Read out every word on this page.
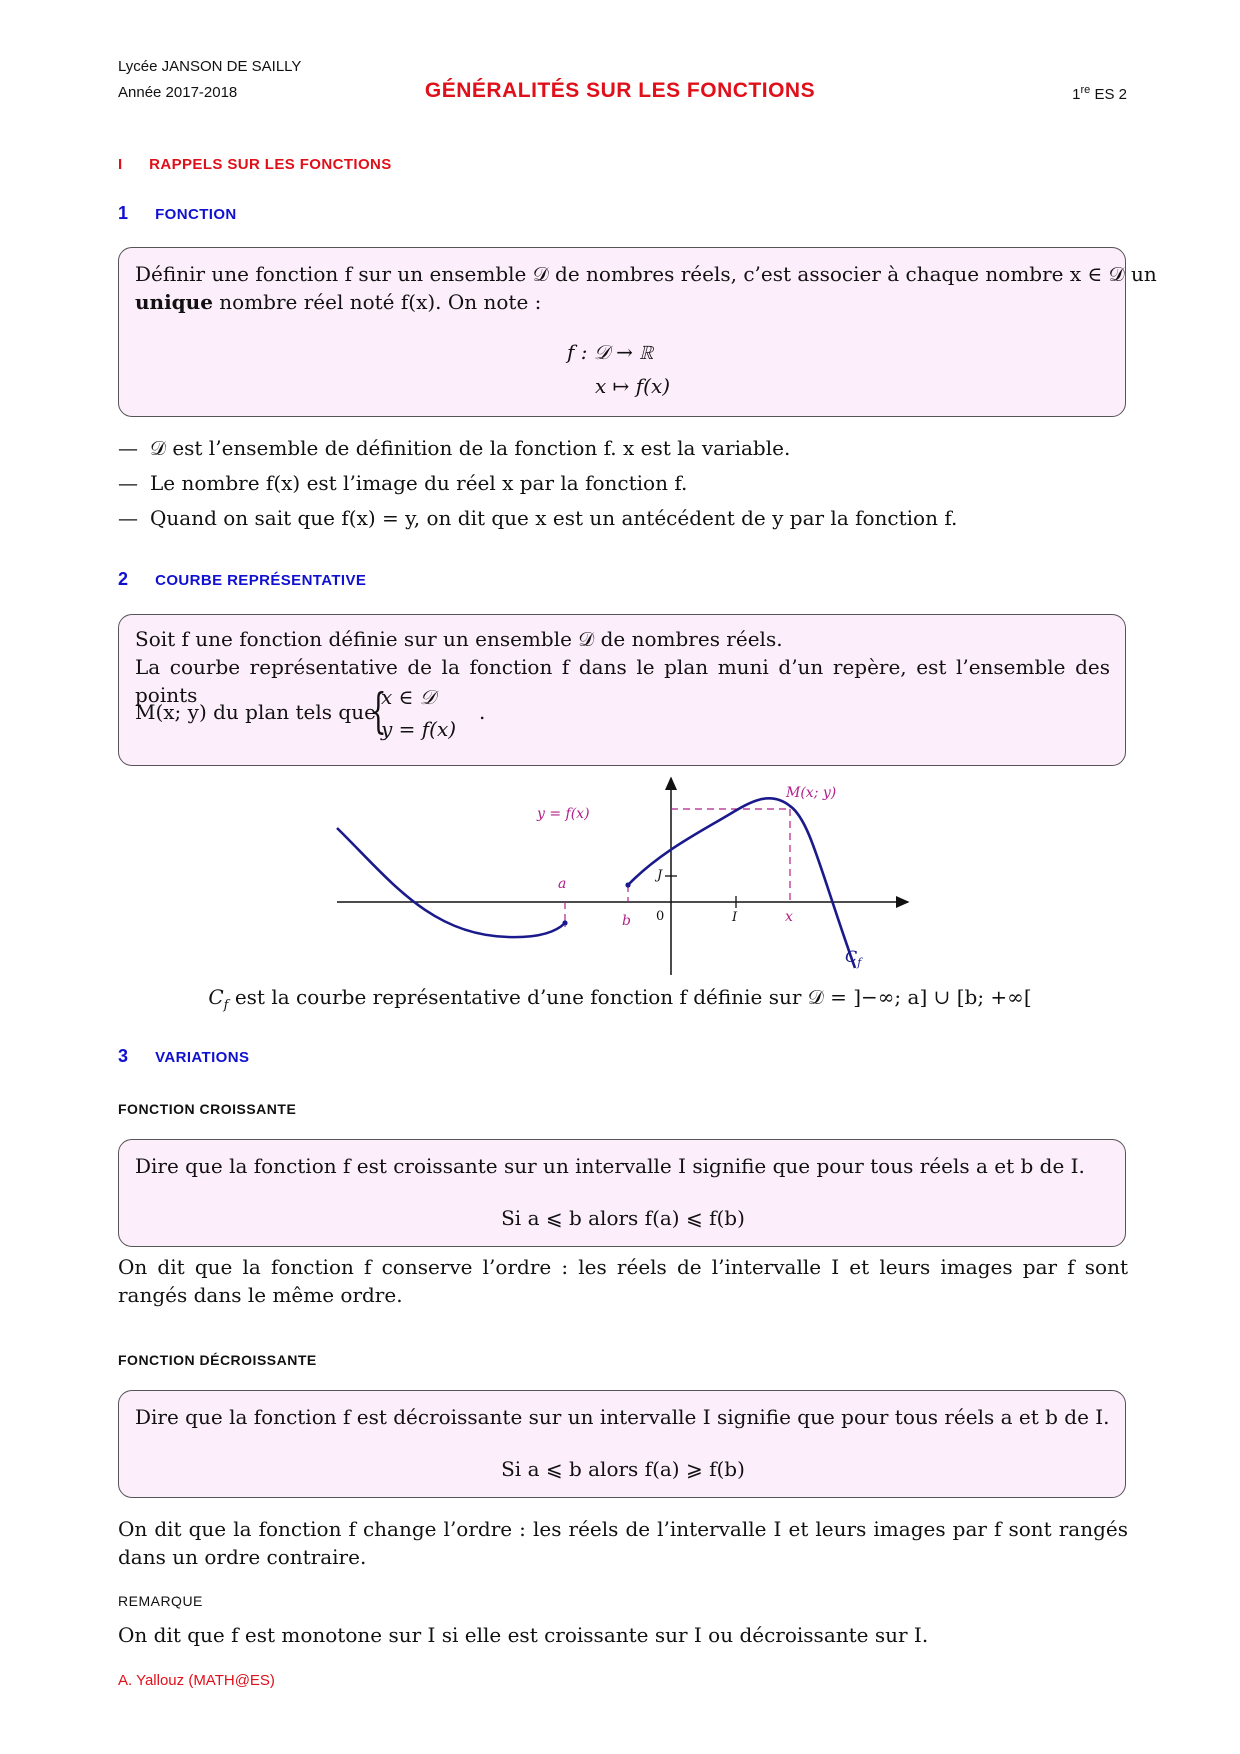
Lycée JANSON DE SAILLY
Année 2017-2018	GÉNÉRALITÉS SUR LES FONCTIONS	1re ES 2
I RAPPELS SUR LES FONCTIONS
1 FONCTION
Définir une fonction f sur un ensemble 𝒟 de nombres réels, c’est associer à chaque nombre x ∈ 𝒟 un
unique nombre réel noté f(x). On note :
f : 𝒟 → ℝ
x ↦ f(x)
— 𝒟 est l’ensemble de définition de la fonction f. x est la variable.
— Le nombre f(x) est l’image du réel x par la fonction f.
— Quand on sait que f(x) = y, on dit que x est un antécédent de y par la fonction f.
2 COURBE REPRÉSENTATIVE
Soit f une fonction définie sur un ensemble 𝒟 de nombres réels.
La courbe représentative de la fonction f dans le plan muni d’un repère, est l’ensemble des points
M(x; y) du plan tels que
{
x ∈ 𝒟
y = f(x)
.
y = f(x)
M(x; y)
a
b 0	I
J
x
$C_f$
$C_f$ est la courbe représentative d’une fonction f définie sur 𝒟 = ]−∞; a] ∪ [b; +∞[
3 VARIATIONS
FONCTION CROISSANTE
Dire que la fonction f est croissante sur un intervalle I signifie que pour tous réels a et b de I.
Si a ⩽ b alors f(a) ⩽ f(b)
On dit que la fonction f conserve l’ordre : les réels de l’intervalle I et leurs images par f sont rangés dans le même ordre.
FONCTION DÉCROISSANTE
Dire que la fonction f est décroissante sur un intervalle I signifie que pour tous réels a et b de I.
Si a ⩽ b alors f(a) ⩾ f(b)
On dit que la fonction f change l’ordre : les réels de l’intervalle I et leurs images par f sont rangés dans un ordre contraire.
REMARQUE
On dit que f est monotone sur I si elle est croissante sur I ou décroissante sur I.
A. Yallouz (MATH@ES)
